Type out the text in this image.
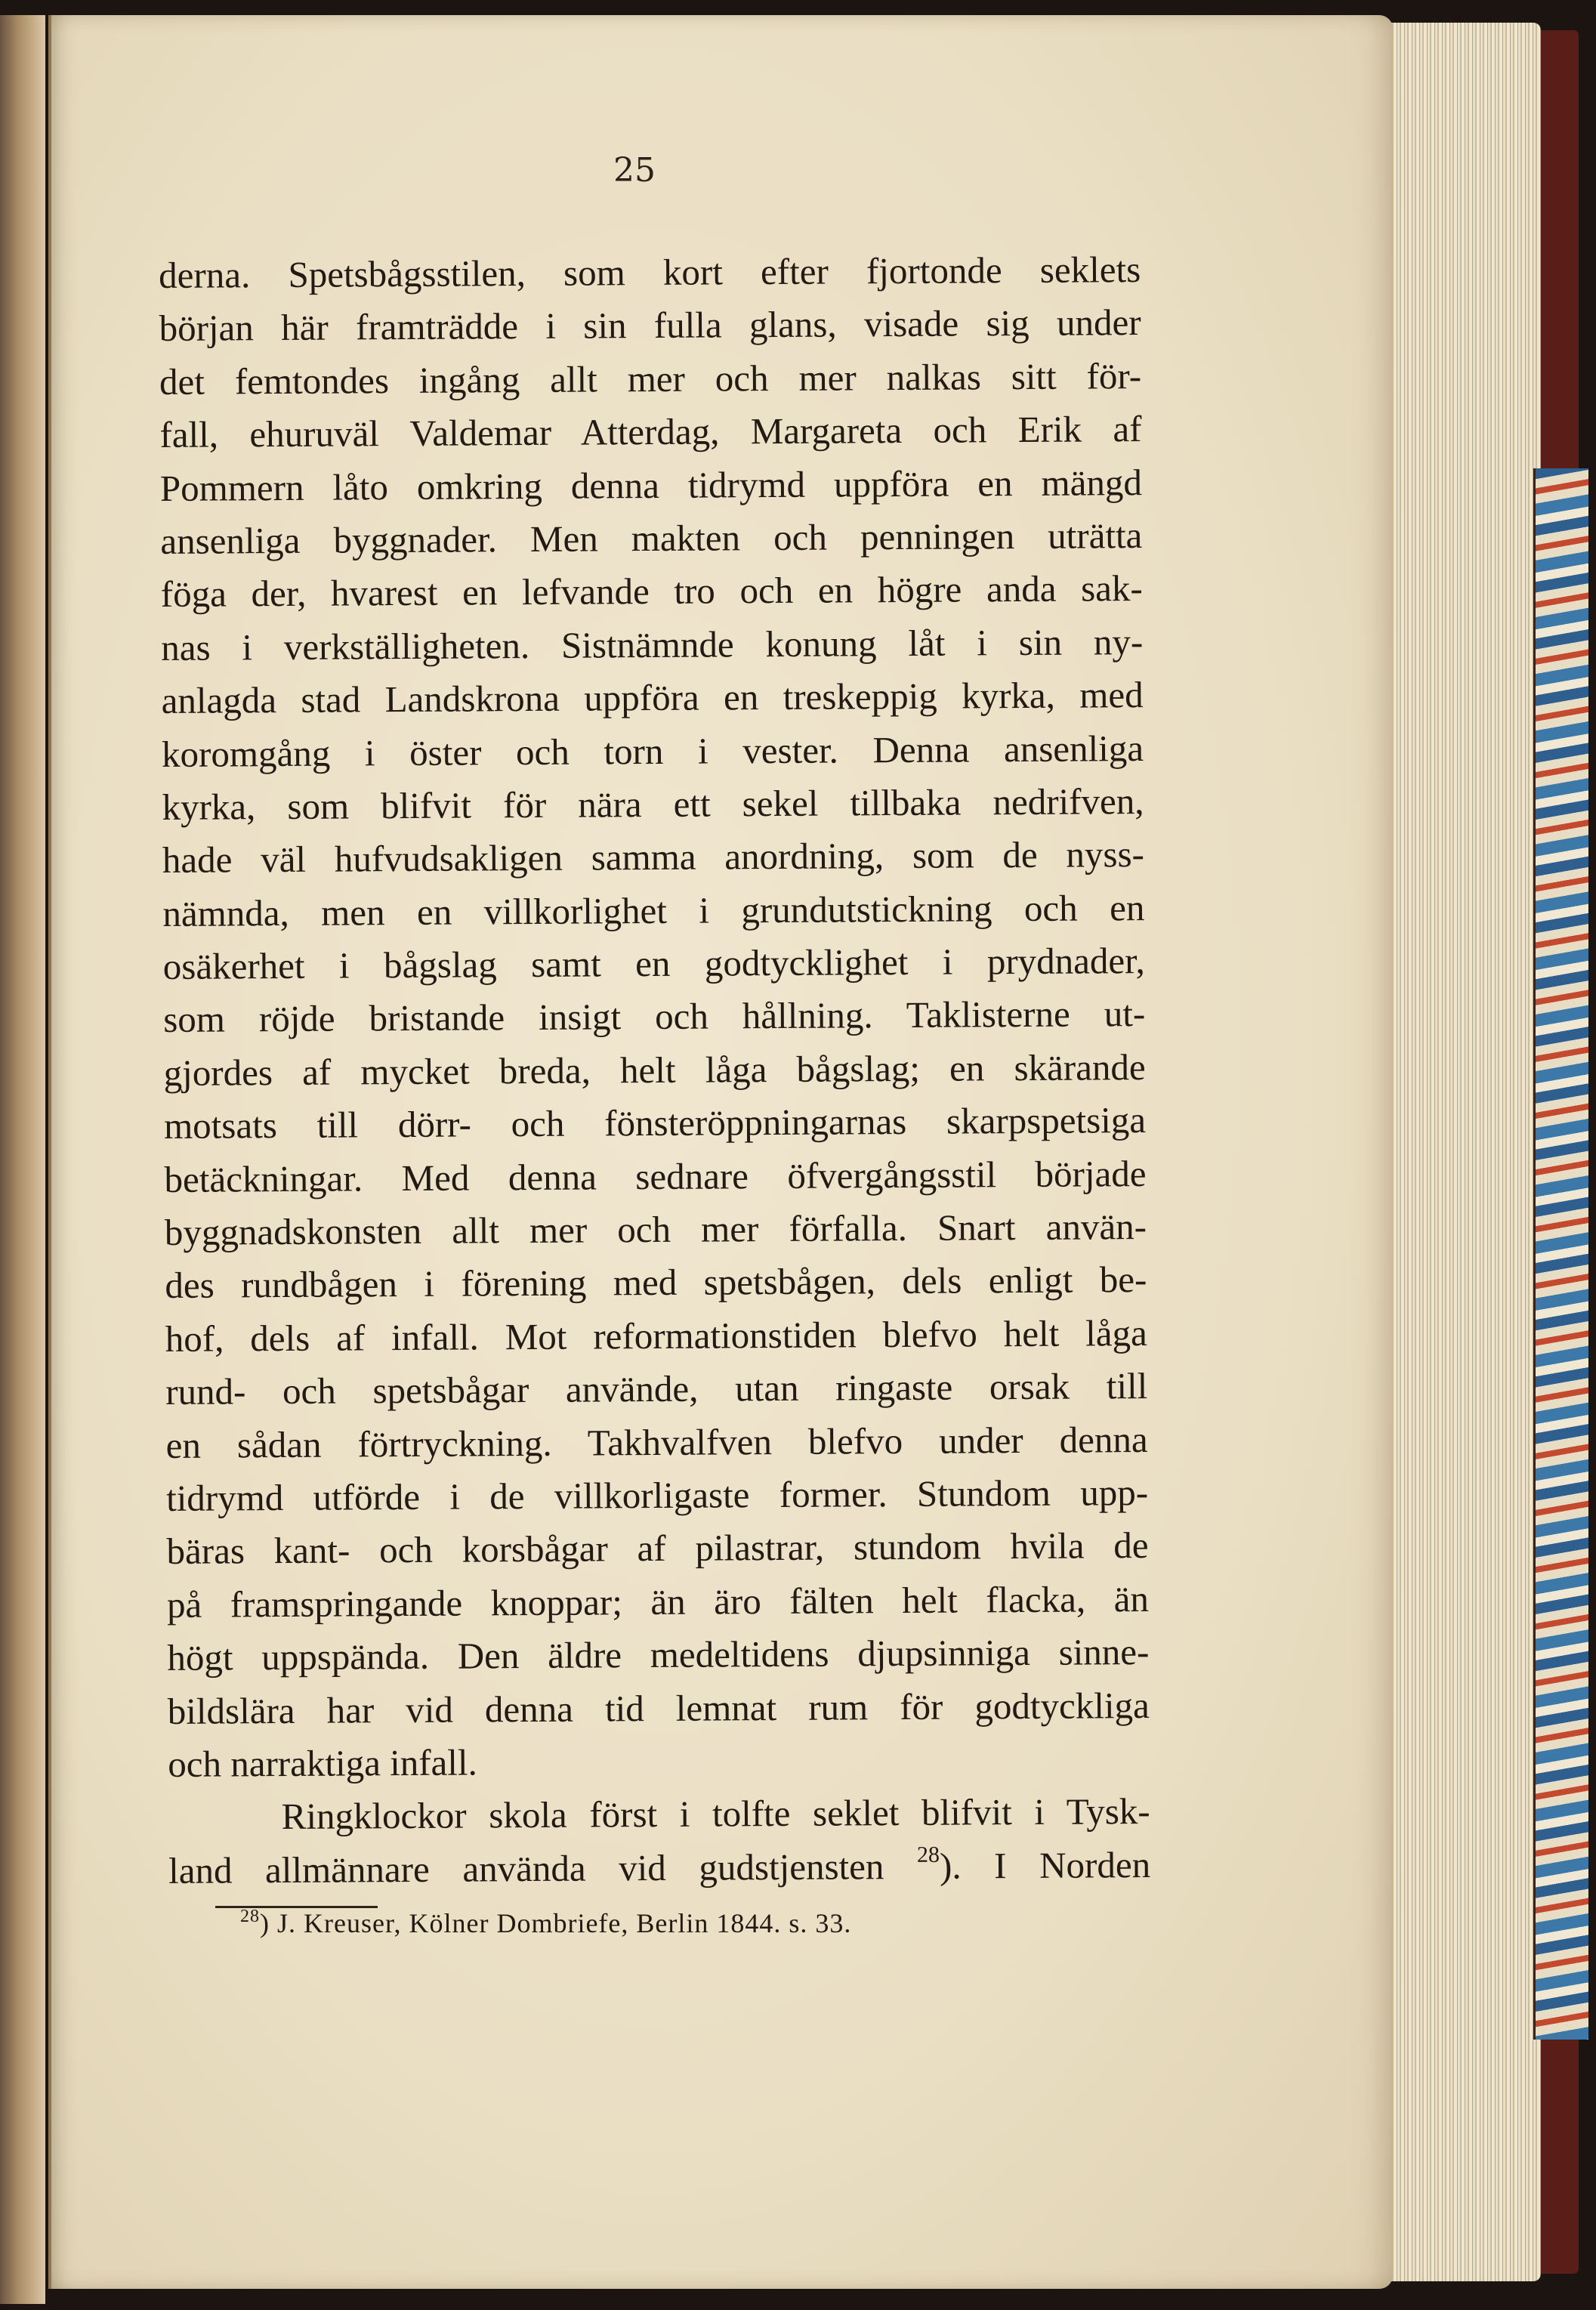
25
derna. Spetsbågsstilen, som kort efter fjortonde seklets
början här framträdde i sin fulla glans, visade sig under
det femtondes ingång allt mer och mer nalkas sitt för-
fall, ehuruväl Valdemar Atterdag, Margareta och Erik af
Pommern låto omkring denna tidrymd uppföra en mängd
ansenliga byggnader. Men makten och penningen uträtta
föga der, hvarest en lefvande tro och en högre anda sak-
nas i verkställigheten. Sistnämnde konung låt i sin ny-
anlagda stad Landskrona uppföra en treskeppig kyrka, med
koromgång i öster och torn i vester. Denna ansenliga
kyrka, som blifvit för nära ett sekel tillbaka nedrifven,
hade väl hufvudsakligen samma anordning, som de nyss-
nämnda, men en villkorlighet i grundutstickning och en
osäkerhet i bågslag samt en godtycklighet i prydnader,
som röjde bristande insigt och hållning. Taklisterne ut-
gjordes af mycket breda, helt låga bågslag; en skärande
motsats till dörr- och fönsteröppningarnas skarpspetsiga
betäckningar. Med denna sednare öfvergångsstil började
byggnadskonsten allt mer och mer förfalla. Snart använ-
des rundbågen i förening med spetsbågen, dels enligt be-
hof, dels af infall. Mot reformationstiden blefvo helt låga
rund- och spetsbågar använde, utan ringaste orsak till
en sådan förtryckning. Takhvalfven blefvo under denna
tidrymd utförde i de villkorligaste former. Stundom upp-
bäras kant- och korsbågar af pilastrar, stundom hvila de
på framspringande knoppar; än äro fälten helt flacka, än
högt uppspända. Den äldre medeltidens djupsinniga sinne-
bildslära har vid denna tid lemnat rum för godtyckliga
och narraktiga infall.
Ringklockor skola först i tolfte seklet blifvit i Tysk-
land allmännare använda vid gudstjensten $^{28}$). I Norden
$^{28}$) J. Kreuser, Kölner Dombriefe, Berlin 1844. s. 33.
